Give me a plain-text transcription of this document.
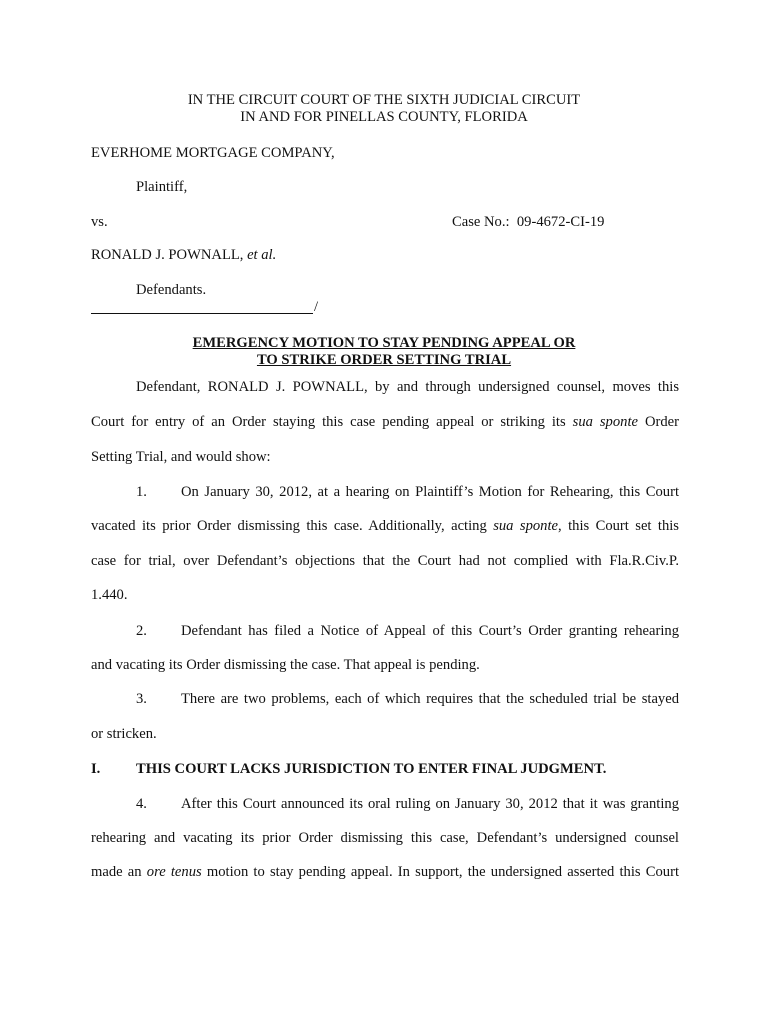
IN THE CIRCUIT COURT OF THE SIXTH JUDICIAL CIRCUIT
IN AND FOR PINELLAS COUNTY, FLORIDA
EVERHOME MORTGAGE COMPANY,
Plaintiff,
vs.	Case No.: 09-4672-CI-19
RONALD J. POWNALL, et al.
Defendants.
/
EMERGENCY MOTION TO STAY PENDING APPEAL OR
TO STRIKE ORDER SETTING TRIAL
Defendant, RONALD J. POWNALL, by and through undersigned counsel, moves this
Court for entry of an Order staying this case pending appeal or striking its sua sponte Order
Setting Trial, and would show:
1. On January 30, 2012, at a hearing on Plaintiff’s Motion for Rehearing, this Court
vacated its prior Order dismissing this case. Additionally, acting sua sponte, this Court set this
case for trial, over Defendant’s objections that the Court had not complied with Fla.R.Civ.P.
1.440.
2. Defendant has filed a Notice of Appeal of this Court’s Order granting rehearing
and vacating its Order dismissing the case. That appeal is pending.
3. There are two problems, each of which requires that the scheduled trial be stayed
or stricken.
I. THIS COURT LACKS JURISDICTION TO ENTER FINAL JUDGMENT.
4. After this Court announced its oral ruling on January 30, 2012 that it was granting
rehearing and vacating its prior Order dismissing this case, Defendant’s undersigned counsel
made an ore tenus motion to stay pending appeal. In support, the undersigned asserted this Court
